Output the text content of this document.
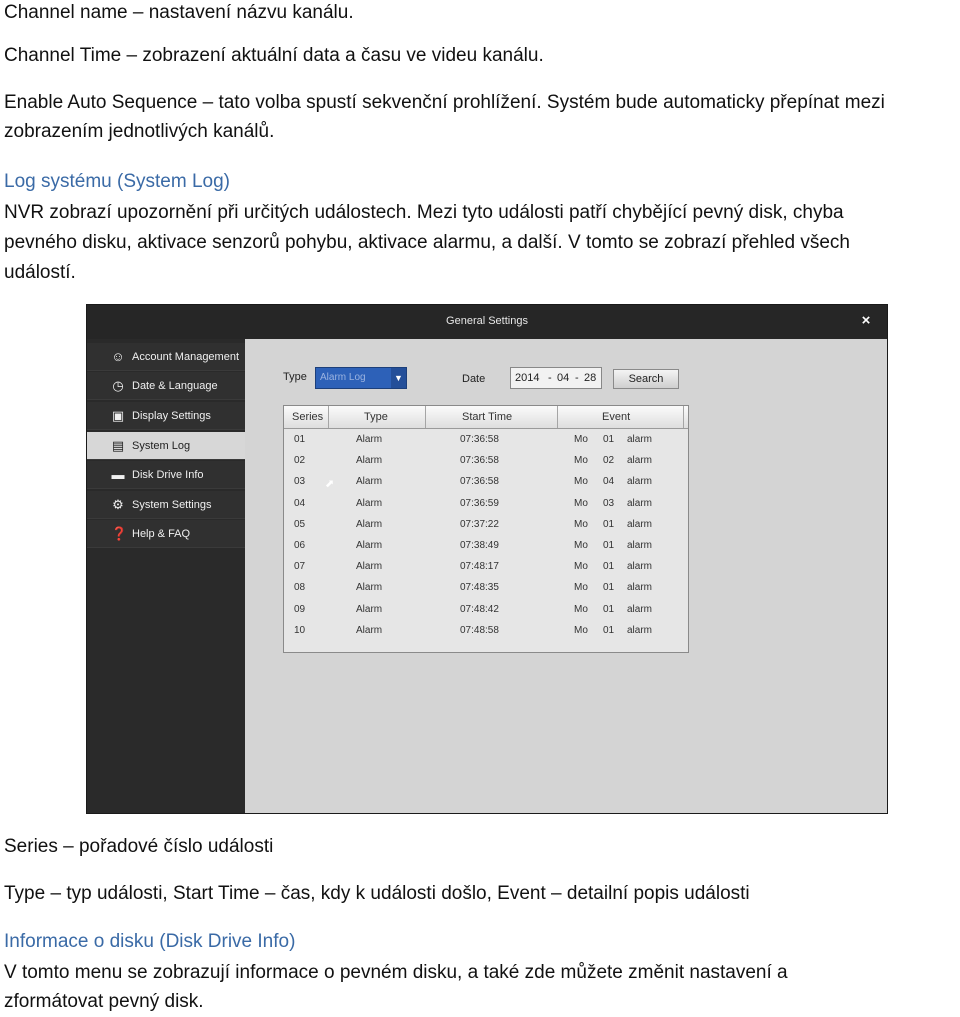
Channel name – nastavení názvu kanálu.

Channel Time – zobrazení aktuální data a času ve videu kanálu.

Enable Auto Sequence – tato volba spustí sekvenční prohlížení. Systém bude automaticky přepínat mezi

zobrazením jednotlivých kanálů.

Log systému (System Log)

NVR zobrazí upozornění při určitých událostech. Mezi tyto události patří chybějící pevný disk, chyba

pevného disku, aktivace senzorů pohybu, aktivace alarmu, a další. V tomto se zobrazí přehled všech

událostí.

General Settings	×
☺ Account Management
◷ Date & Language
▣ Display Settings
▤ System Log
▬ Disk Drive Info
⚙ System Settings
❓ Help & FAQ
Type Alarm Log	▼	Date	2014 - 04 - 28	Search
Series	Type	Start Time	Event
01	Alarm	07:36:58	Mo 01 alarm
02	Alarm	07:36:58	Mo 02 alarm
03	Alarm	07:36:58	Mo 04 alarm
04	Alarm	07:36:59	Mo 03 alarm
05	Alarm	07:37:22	Mo 01 alarm
06	Alarm	07:38:49	Mo 01 alarm
07	Alarm	07:48:17	Mo 01 alarm
08	Alarm	07:48:35	Mo 01 alarm
09	Alarm	07:48:42	Mo 01 alarm
10	Alarm	07:48:58	Mo 01 alarm
⬈

Series – pořadové číslo události

Type – typ události, Start Time – čas, kdy k události došlo, Event – detailní popis události

Informace o disku (Disk Drive Info)

V tomto menu se zobrazují informace o pevném disku, a také zde můžete změnit nastavení a

zformátovat pevný disk.
